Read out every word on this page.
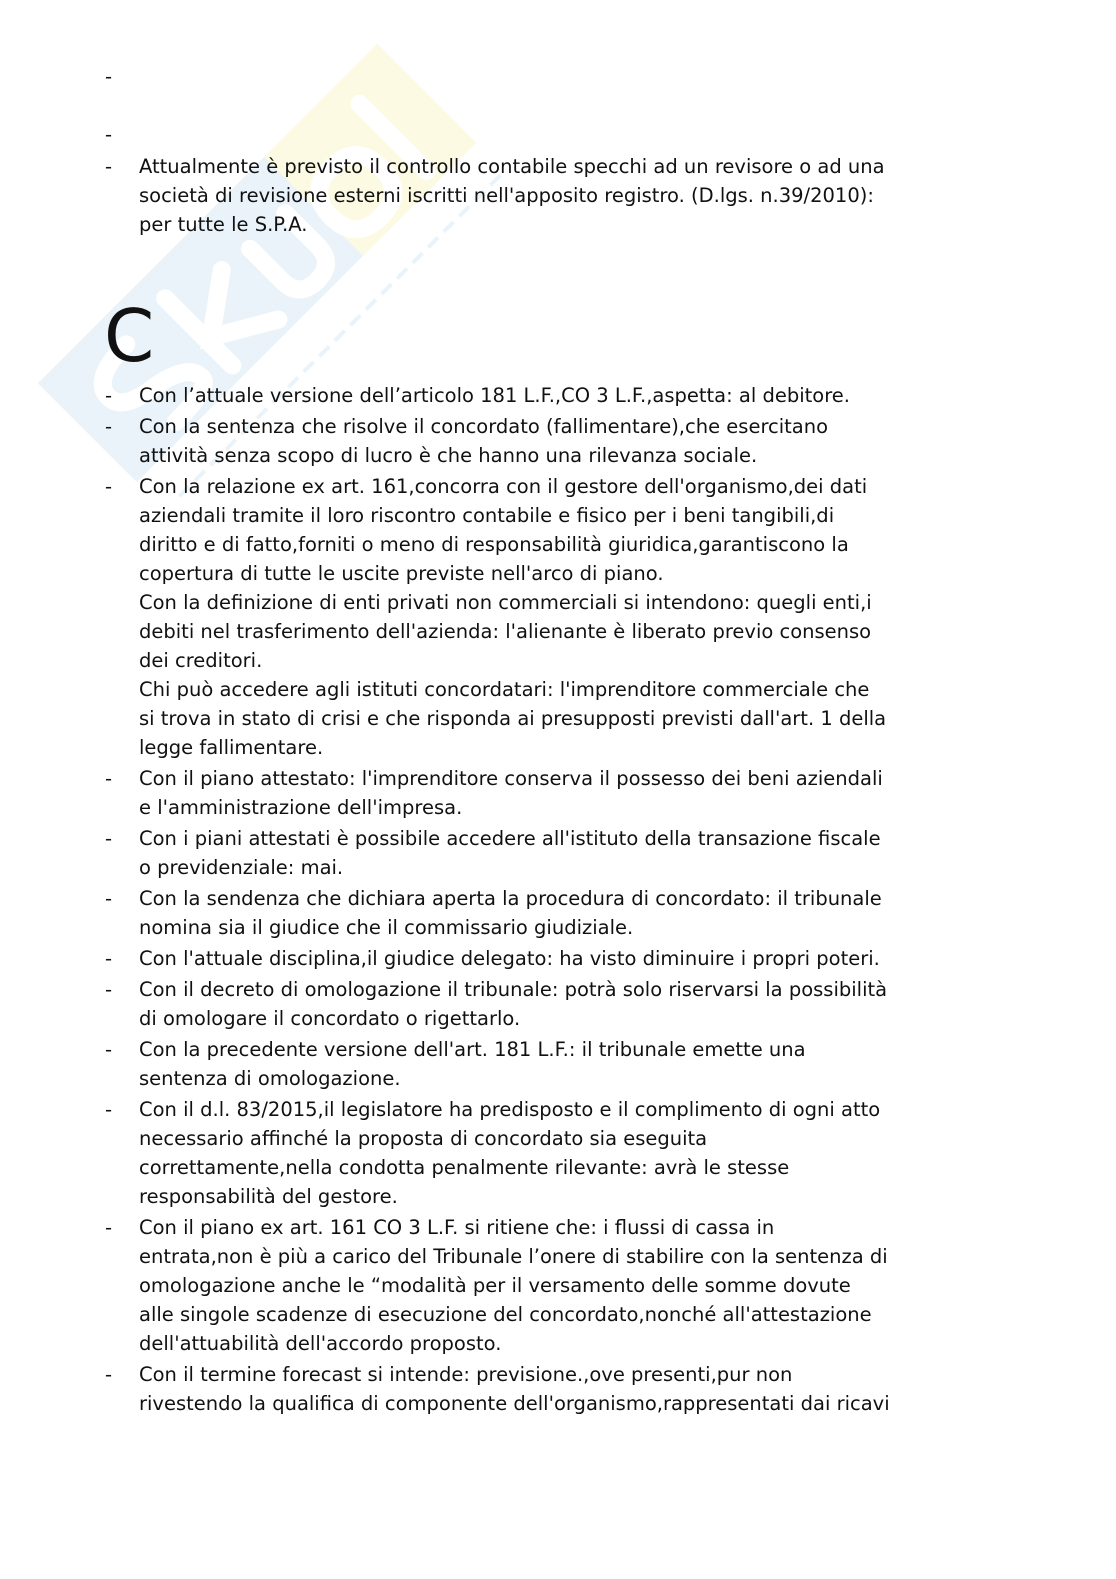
-

-

- Attualmente è previsto il controllo contabile specchi ad un revisore o ad una
società di revisione esterni iscritti nell'apposito registro. (D.lgs. n.39/2010):
per tutte le S.P.A.
C
- Con l’attuale versione dell’articolo 181 L.F.,CO 3 L.F.,aspetta: al debitore.
- Con la sentenza che risolve il concordato (fallimentare),che esercitano
attività senza scopo di lucro è che hanno una rilevanza sociale.
- Con la relazione ex art. 161,concorra con il gestore dell'organismo,dei dati
aziendali tramite il loro riscontro contabile e fisico per i beni tangibili,di
diritto e di fatto,forniti o meno di responsabilità giuridica,garantiscono la
copertura di tutte le uscite previste nell'arco di piano.
Con la definizione di enti privati non commerciali si intendono: quegli enti,i
debiti nel trasferimento dell'azienda: l'alienante è liberato previo consenso
dei creditori.
Chi può accedere agli istituti concordatari: l'imprenditore commerciale che
si trova in stato di crisi e che risponda ai presupposti previsti dall'art. 1 della
legge fallimentare.
- Con il piano attestato: l'imprenditore conserva il possesso dei beni aziendali
e l'amministrazione dell'impresa.
- Con i piani attestati è possibile accedere all'istituto della transazione fiscale
o previdenziale: mai.
- Con la sendenza che dichiara aperta la procedura di concordato: il tribunale
nomina sia il giudice che il commissario giudiziale.
- Con l'attuale disciplina,il giudice delegato: ha visto diminuire i propri poteri.
- Con il decreto di omologazione il tribunale: potrà solo riservarsi la possibilità
di omologare il concordato o rigettarlo.
- Con la precedente versione dell'art. 181 L.F.: il tribunale emette una
sentenza di omologazione.
- Con il d.l. 83/2015,il legislatore ha predisposto e il complimento di ogni atto
necessario affinché la proposta di concordato sia eseguita
correttamente,nella condotta penalmente rilevante: avrà le stesse
responsabilità del gestore.
- Con il piano ex art. 161 CO 3 L.F. si ritiene che: i flussi di cassa in
entrata,non è più a carico del Tribunale l’onere di stabilire con la sentenza di
omologazione anche le “modalità per il versamento delle somme dovute
alle singole scadenze di esecuzione del concordato,nonché all'attestazione
dell'attuabilità dell'accordo proposto.
- Con il termine forecast si intende: previsione.,ove presenti,pur non
rivestendo la qualifica di componente dell'organismo,rappresentati dai ricavi
